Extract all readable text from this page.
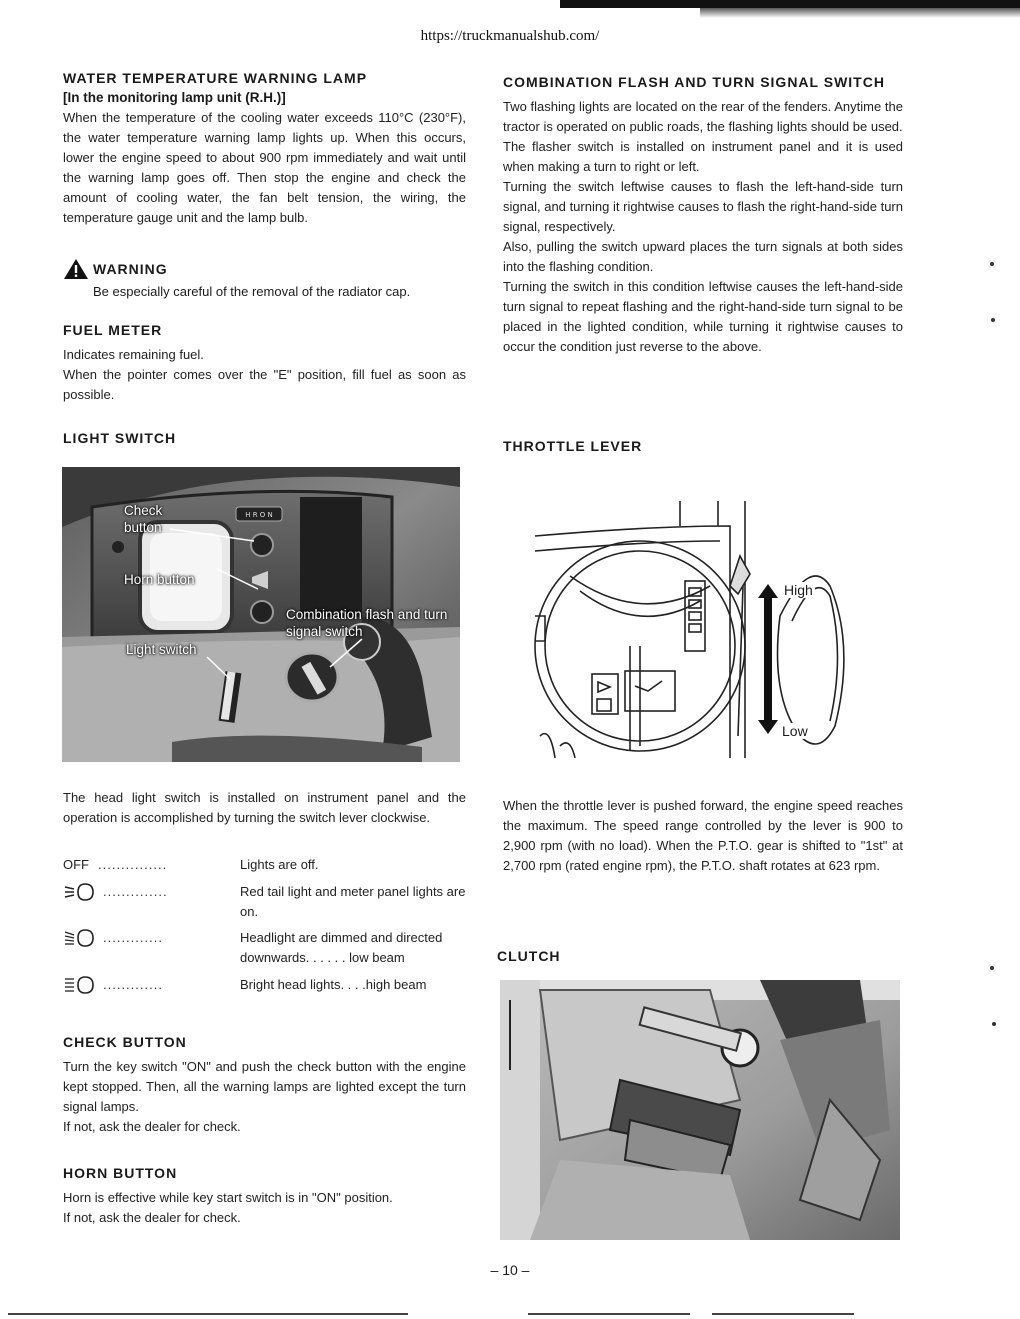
https://truckmanualshub.com/
WATER TEMPERATURE WARNING LAMP
[In the monitoring lamp unit (R.H.)]

When the temperature of the cooling water exceeds 110°C (230°F), the water temperature warning lamp lights up. When this occurs, lower the engine speed to about 900 rpm immediately and wait until the warning lamp goes off. Then stop the engine and check the amount of cooling water, the fan belt tension, the wiring, the temperature gauge unit and the lamp bulb.

WARNING
Be especially careful of the removal of the radiator cap.
FUEL METER

Indicates remaining fuel.

When the pointer comes over the "E" position, fill fuel as soon as possible.

LIGHT SWITCH
H R O N
Check button
Horn button
Combination flash and turn signal switch
Light switch

The head light switch is installed on instrument panel and the operation is accomplished by turning the switch lever clockwise.

OFF ...............	Lights are off.
..............	Red tail light and meter panel lights are on.
.............	Headlight are dimmed and directed downwards. . . . . . low beam
.............	Bright head lights. . . .high beam
CHECK BUTTON

Turn the key switch "ON" and push the check button with the engine kept stopped. Then, all the warning lamps are lighted except the turn signal lamps.

If not, ask the dealer for check.

HORN BUTTON

Horn is effective while key start switch is in "ON" position.

If not, ask the dealer for check.

COMBINATION FLASH AND TURN SIGNAL SWITCH

Two flashing lights are located on the rear of the fenders. Anytime the tractor is operated on public roads, the flashing lights should be used.

The flasher switch is installed on instrument panel and it is used when making a turn to right or left.

Turning the switch leftwise causes to flash the left-hand-side turn signal, and turning it rightwise causes to flash the right-hand-side turn signal, respectively.

Also, pulling the switch upward places the turn signals at both sides into the flashing condition.

Turning the switch in this condition leftwise causes the left-hand-side turn signal to repeat flashing and the right-hand-side turn signal to be placed in the lighted condition, while turning it rightwise causes to occur the condition just reverse to the above.

THROTTLE LEVER
High
Low

When the throttle lever is pushed forward, the engine speed reaches the maximum. The speed range controlled by the lever is 900 to 2,900 rpm (with no load). When the P.T.O. gear is shifted to "1st" at 2,700 rpm (rated engine rpm), the P.T.O. shaft rotates at 623 rpm.

CLUTCH
– 10 –
